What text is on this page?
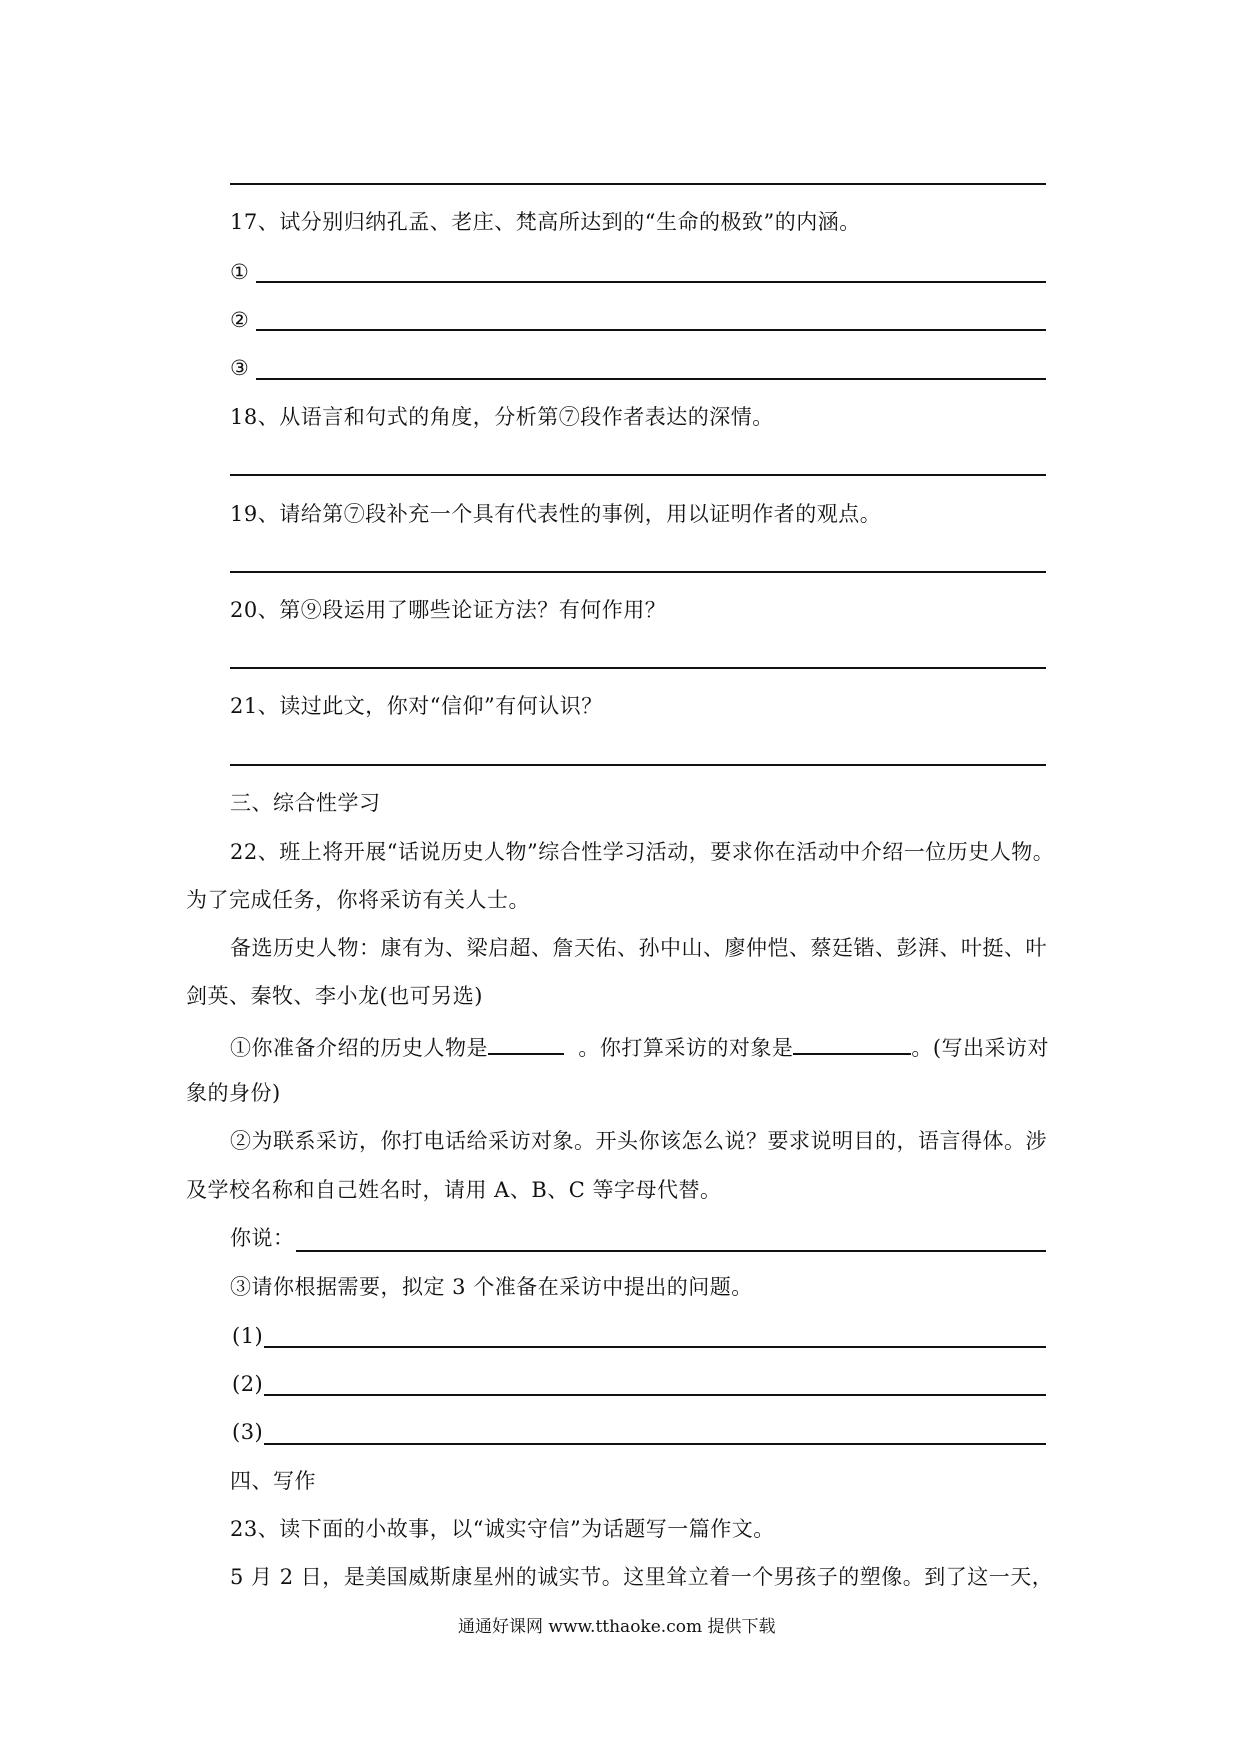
17、试分别归纳孔孟、老庄、梵高所达到的“生命的极致”的内涵。
①
②
③
18、从语言和句式的角度，分析第⑦段作者表达的深情。
19、请给第⑦段补充一个具有代表性的事例，用以证明作者的观点。
20、第⑨段运用了哪些论证方法？有何作用？
21、读过此文，你对“信仰”有何认识？
三、综合性学习
22、班上将开展“话说历史人物”综合性学习活动，要求你在活动中介绍一位历史人物。
为了完成任务，你将采访有关人士。
备选历史人物：康有为、梁启超、詹天佑、孙中山、廖仲恺、蔡廷锴、彭湃、叶挺、叶
剑英、秦牧、李小龙(也可另选)
①你准备介绍的历史人物是	。你打算采访的对象是	。(写出采访对
象的身份)
②为联系采访，你打电话给采访对象。开头你该怎么说？要求说明目的，语言得体。涉
及学校名称和自己姓名时，请用 A、B、C 等字母代替。
你说：
③请你根据需要，拟定 3 个准备在采访中提出的问题。
(1)
(2)
(3)
四、写作
23、读下面的小故事，以“诚实守信”为话题写一篇作文。
5 月 2 日，是美国威斯康星州的诚实节。这里耸立着一个男孩子的塑像。到了这一天，
通通好课网 www.tthaoke.com 提供下载
